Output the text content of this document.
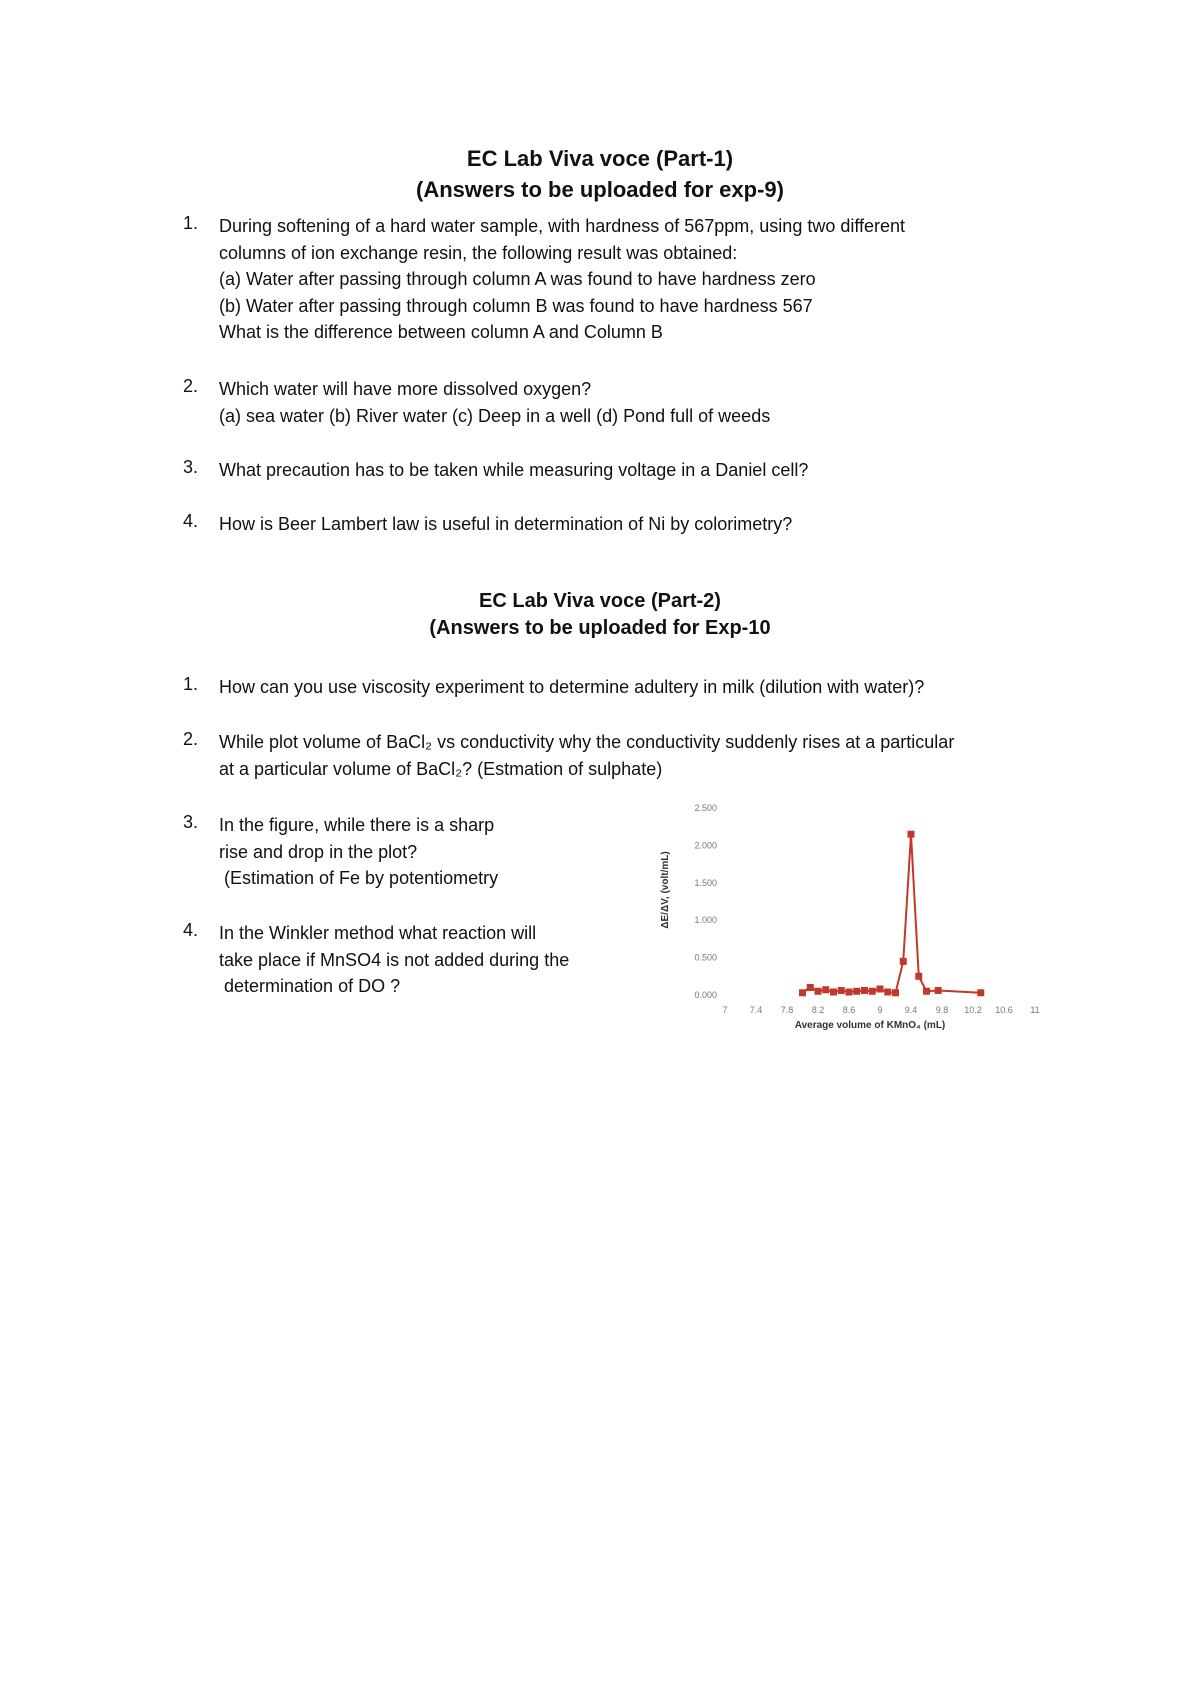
EC Lab Viva voce (Part-1)
(Answers to be uploaded for exp-9)
1. During softening of a hard water sample, with hardness of 567ppm, using two different
columns of ion exchange resin, the following result was obtained:
(a) Water after passing through column A was found to have hardness zero
(b) Water after passing through column B was found to have hardness 567
What is the difference between column A and Column B
2. Which water will have more dissolved oxygen?
(a) sea water (b) River water (c) Deep in a well (d) Pond full of weeds
3. What precaution has to be taken while measuring voltage in a Daniel cell?
4. How is Beer Lambert law is useful in determination of Ni by colorimetry?
EC Lab Viva voce (Part-2)
(Answers to be uploaded for Exp-10
1. How can you use viscosity experiment to determine adultery in milk (dilution with water)?
2. While plot volume of BaCl₂ vs conductivity why the conductivity suddenly rises at a particular
at a particular volume of BaCl₂? (Estmation of sulphate)
3. In the figure, while there is a sharp
rise and drop in the plot?
(Estimation of Fe by potentiometry
4. In the Winkler method what reaction will
take place if MnSO4 is not added during the
determination of DO ?
ΔE/ΔV, (volt/mL)
Average volume of KMnO₄ (mL)
0.000
0.500
1.000
1.500
2.000
2.500
7 7.4 7.8 8.2 8.6 9 9.4 9.8 10.2 10.6 11
